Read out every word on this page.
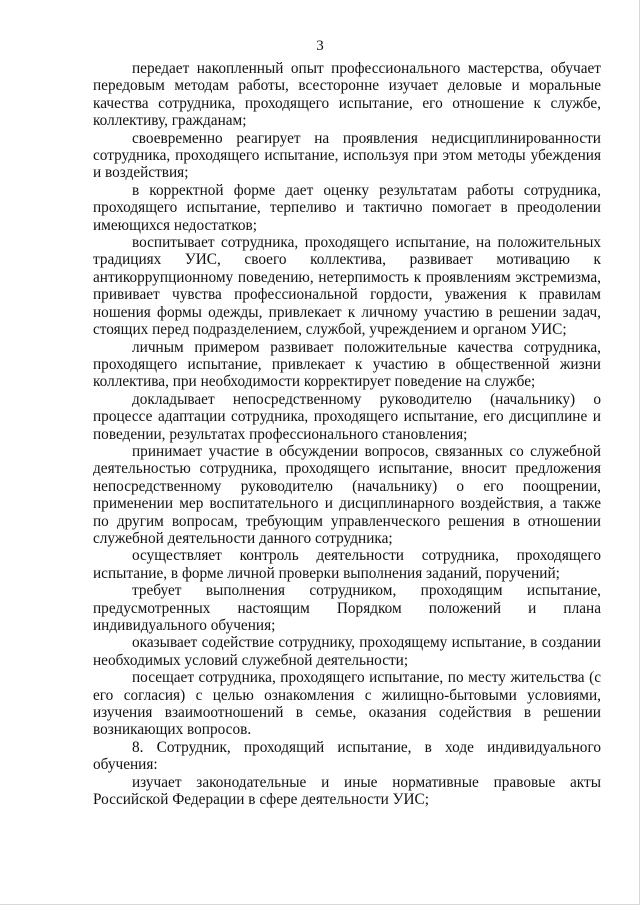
3

передает накопленный опыт профессионального мастерства, обучает передовым методам работы, всесторонне изучает деловые и моральные качества сотрудника, проходящего испытание, его отношение к службе, коллективу, гражданам;

своевременно реагирует на проявления недисциплинированности сотрудника, проходящего испытание, используя при этом методы убеждения и воздействия;

в корректной форме дает оценку результатам работы сотрудника, проходящего испытание, терпеливо и тактично помогает в преодолении имеющихся недостатков;

воспитывает сотрудника, проходящего испытание, на положительных традициях УИС, своего коллектива, развивает мотивацию к антикоррупционному поведению, нетерпимость к проявлениям экстремизма, прививает чувства профессиональной гордости, уважения к правилам ношения формы одежды, привлекает к личному участию в решении задач, стоящих перед подразделением, службой, учреждением и органом УИС;

личным примером развивает положительные качества сотрудника, проходящего испытание, привлекает к участию в общественной жизни коллектива, при необходимости корректирует поведение на службе;

докладывает непосредственному руководителю (начальнику) о процессе адаптации сотрудника, проходящего испытание, его дисциплине и поведении, результатах профессионального становления;

принимает участие в обсуждении вопросов, связанных со служебной деятельностью сотрудника, проходящего испытание, вносит предложения непосредственному руководителю (начальнику) о его поощрении, применении мер воспитательного и дисциплинарного воздействия, а также по другим вопросам, требующим управленческого решения в отношении служебной деятельности данного сотрудника;

осуществляет контроль деятельности сотрудника, проходящего испытание, в форме личной проверки выполнения заданий, поручений;

требует выполнения сотрудником, проходящим испытание, предусмотренных настоящим Порядком положений и плана индивидуального обучения;

оказывает содействие сотруднику, проходящему испытание, в создании необходимых условий служебной деятельности;

посещает сотрудника, проходящего испытание, по месту жительства (с его согласия) с целью ознакомления с жилищно-бытовыми условиями, изучения взаимоотношений в семье, оказания содействия в решении возникающих вопросов.

8. Сотрудник, проходящий испытание, в ходе индивидуального обучения:

изучает законодательные и иные нормативные правовые акты Российской Федерации в сфере деятельности УИС;
